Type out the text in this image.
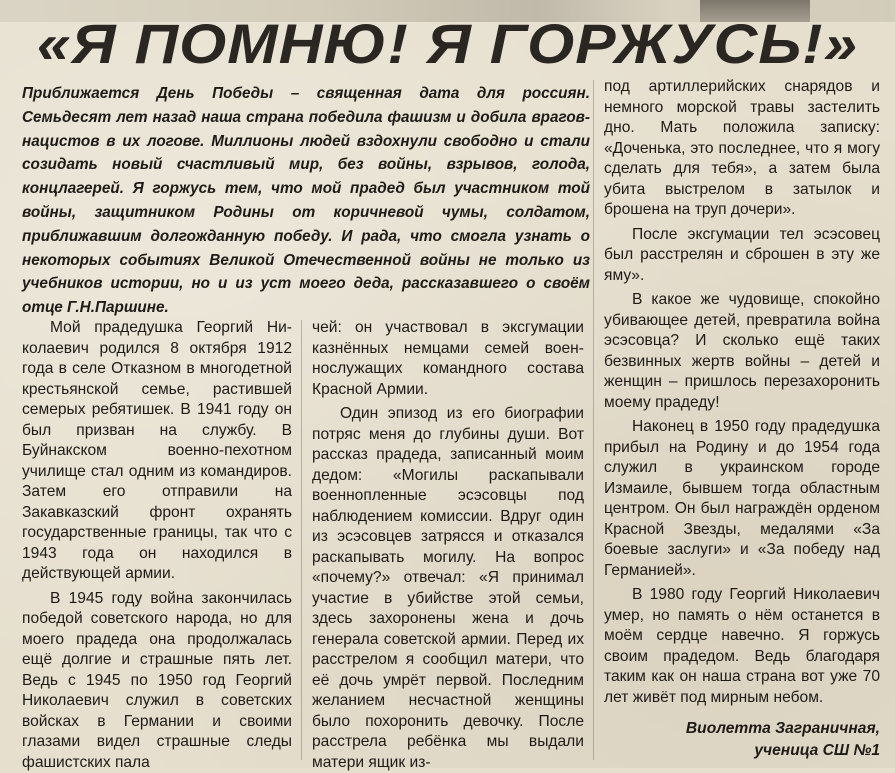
«Я ПОМНЮ! Я ГОРЖУСЬ!»

Приближается День Победы – священная дата для россиян. Семьдесят лет назад наша страна победила фашизм и добила врагов-нацистов в их логове. Миллионы людей вздохнули свободно и стали созидать новый счастливый мир, без войны, взрывов, голода, концлагерей. Я горжусь тем, что мой прадед был участником той войны, защитником Родины от коричневой чумы, солдатом, приближавшим долгожданную победу. И рада, что смогла узнать о некоторых событиях Великой Отечественной войны не только из учебников истории, но и из уст моего деда, рассказавшего о своём отце Г.Н.Паршине.

Мой прадедушка Георгий Николаевич родился 8 октября 1912 года в селе Отказном в многодетной крестьянской семье, растившей семерых ребятишек. В 1941 году он был призван на службу. В Буйнакском военно-пехотном училище стал одним из командиров. Затем его отправили на Закавказский фронт охранять государственные границы, так что с 1943 года он находился в действующей армии.

В 1945 году война закончилась победой советского народа, но для моего прадеда она продолжалась ещё долгие и страшные пять лет. Ведь с 1945 по 1950 год Георгий Николаевич служил в советских войсках в Германии и своими глазами видел страшные следы фашистских пала

чей: он участвовал в эксгумации казнённых немцами семей военнослужащих командного состава Красной Армии.

Один эпизод из его биографии потряс меня до глубины души. Вот рассказ прадеда, записанный моим дедом: «Могилы раскапывали военнопленные эсэсовцы под наблюдением комиссии. Вдруг один из эсэсовцев затрясся и отказался раскапывать могилу. На вопрос «почему?» отвечал: «Я принимал участие в убийстве этой семьи, здесь захоронены жена и дочь генерала советской армии. Перед их расстрелом я сообщил матери, что её дочь умрёт первой. Последним желанием несчастной женщины было похоронить девочку. После расстрела ребёнка мы выдали матери ящик из-

под артиллерийских снарядов и немного морской травы застeлить дно. Мать положила записку: «Доченька, это последнее, что я могу сделать для тебя», а затем была убита выстрелом в затылок и брошена на труп дочери».

После эксгумации тел эсэсовец был расстрелян и сброшен в эту же яму».

В какое же чудовище, спокойно убивающее детей, превратила война эсэсовца? И сколько ещё таких безвинных жертв войны – детей и женщин – пришлось перезахоронить моему прадеду!

Наконец в 1950 году прадедушка прибыл на Родину и до 1954 года служил в украинском городе Измаиле, бывшем тогда областным центром. Он был награждён орденом Красной Звезды, медалями «За боевые заслуги» и «За победу над Германией».

В 1980 году Георгий Николаевич умер, но память о нём останется в моём сердце навечно. Я горжусь своим прадедом. Ведь благодаря таким как он наша страна вот уже 70 лет живёт под мирным небом.

Виолетта Заграничная,
ученица СШ №1
